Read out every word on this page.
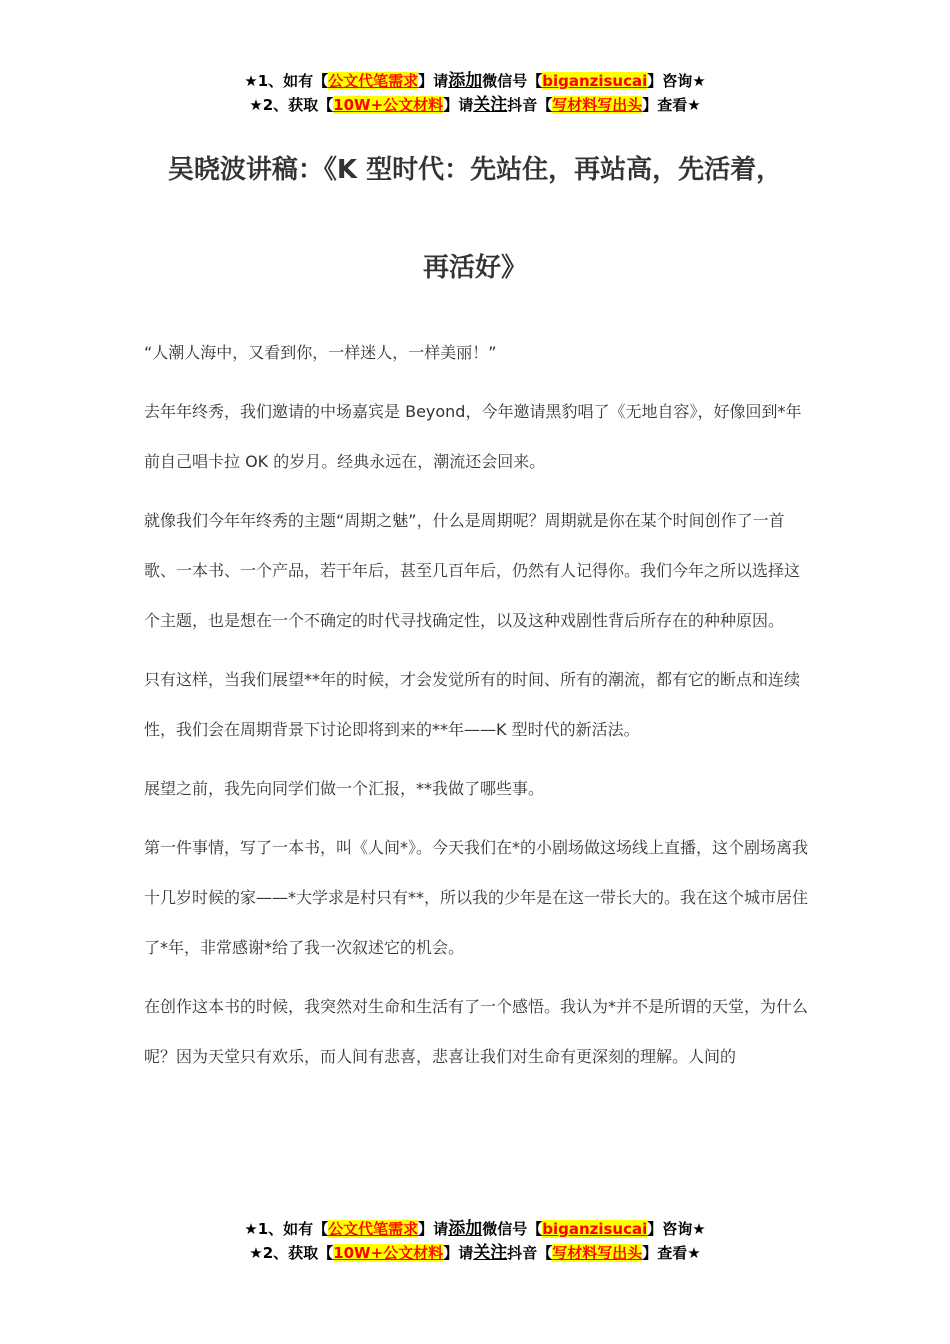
★1、如有【公文代笔需求】请添加微信号【biganzisucai】咨询★
★2、获取【10W+公文材料】请关注抖音【写材料写出头】查看★
吴晓波讲稿：《K 型时代：先站住，再站高，先活着，
再活好》

“人潮人海中，又看到你，一样迷人，一样美丽！”

去年年终秀，我们邀请的中场嘉宾是 Beyond，今年邀请黑豹唱了《无地自容》，好像回到*年前自己唱卡拉 OK 的岁月。经典永远在，潮流还会回来。

就像我们今年年终秀的主题“周期之魅”，什么是周期呢？周期就是你在某个时间创作了一首歌、一本书、一个产品，若干年后，甚至几百年后，仍然有人记得你。我们今年之所以选择这个主题，也是想在一个不确定的时代寻找确定性，以及这种戏剧性背后所存在的种种原因。

只有这样，当我们展望**年的时候，才会发觉所有的时间、所有的潮流，都有它的断点和连续性，我们会在周期背景下讨论即将到来的**年——K 型时代的新活法。

展望之前，我先向同学们做一个汇报，**我做了哪些事。

第一件事情，写了一本书，叫《人间*》。今天我们在*的小剧场做这场线上直播，这个剧场离我十几岁时候的家——*大学求是村只有**，所以我的少年是在这一带长大的。我在这个城市居住了*年，非常感谢*给了我一次叙述它的机会。

在创作这本书的时候，我突然对生命和生活有了一个感悟。我认为*并不是所谓的天堂，为什么呢？因为天堂只有欢乐，而人间有悲喜，悲喜让我们对生命有更深刻的理解。人间的

★1、如有【公文代笔需求】请添加微信号【biganzisucai】咨询★
★2、获取【10W+公文材料】请关注抖音【写材料写出头】查看★
